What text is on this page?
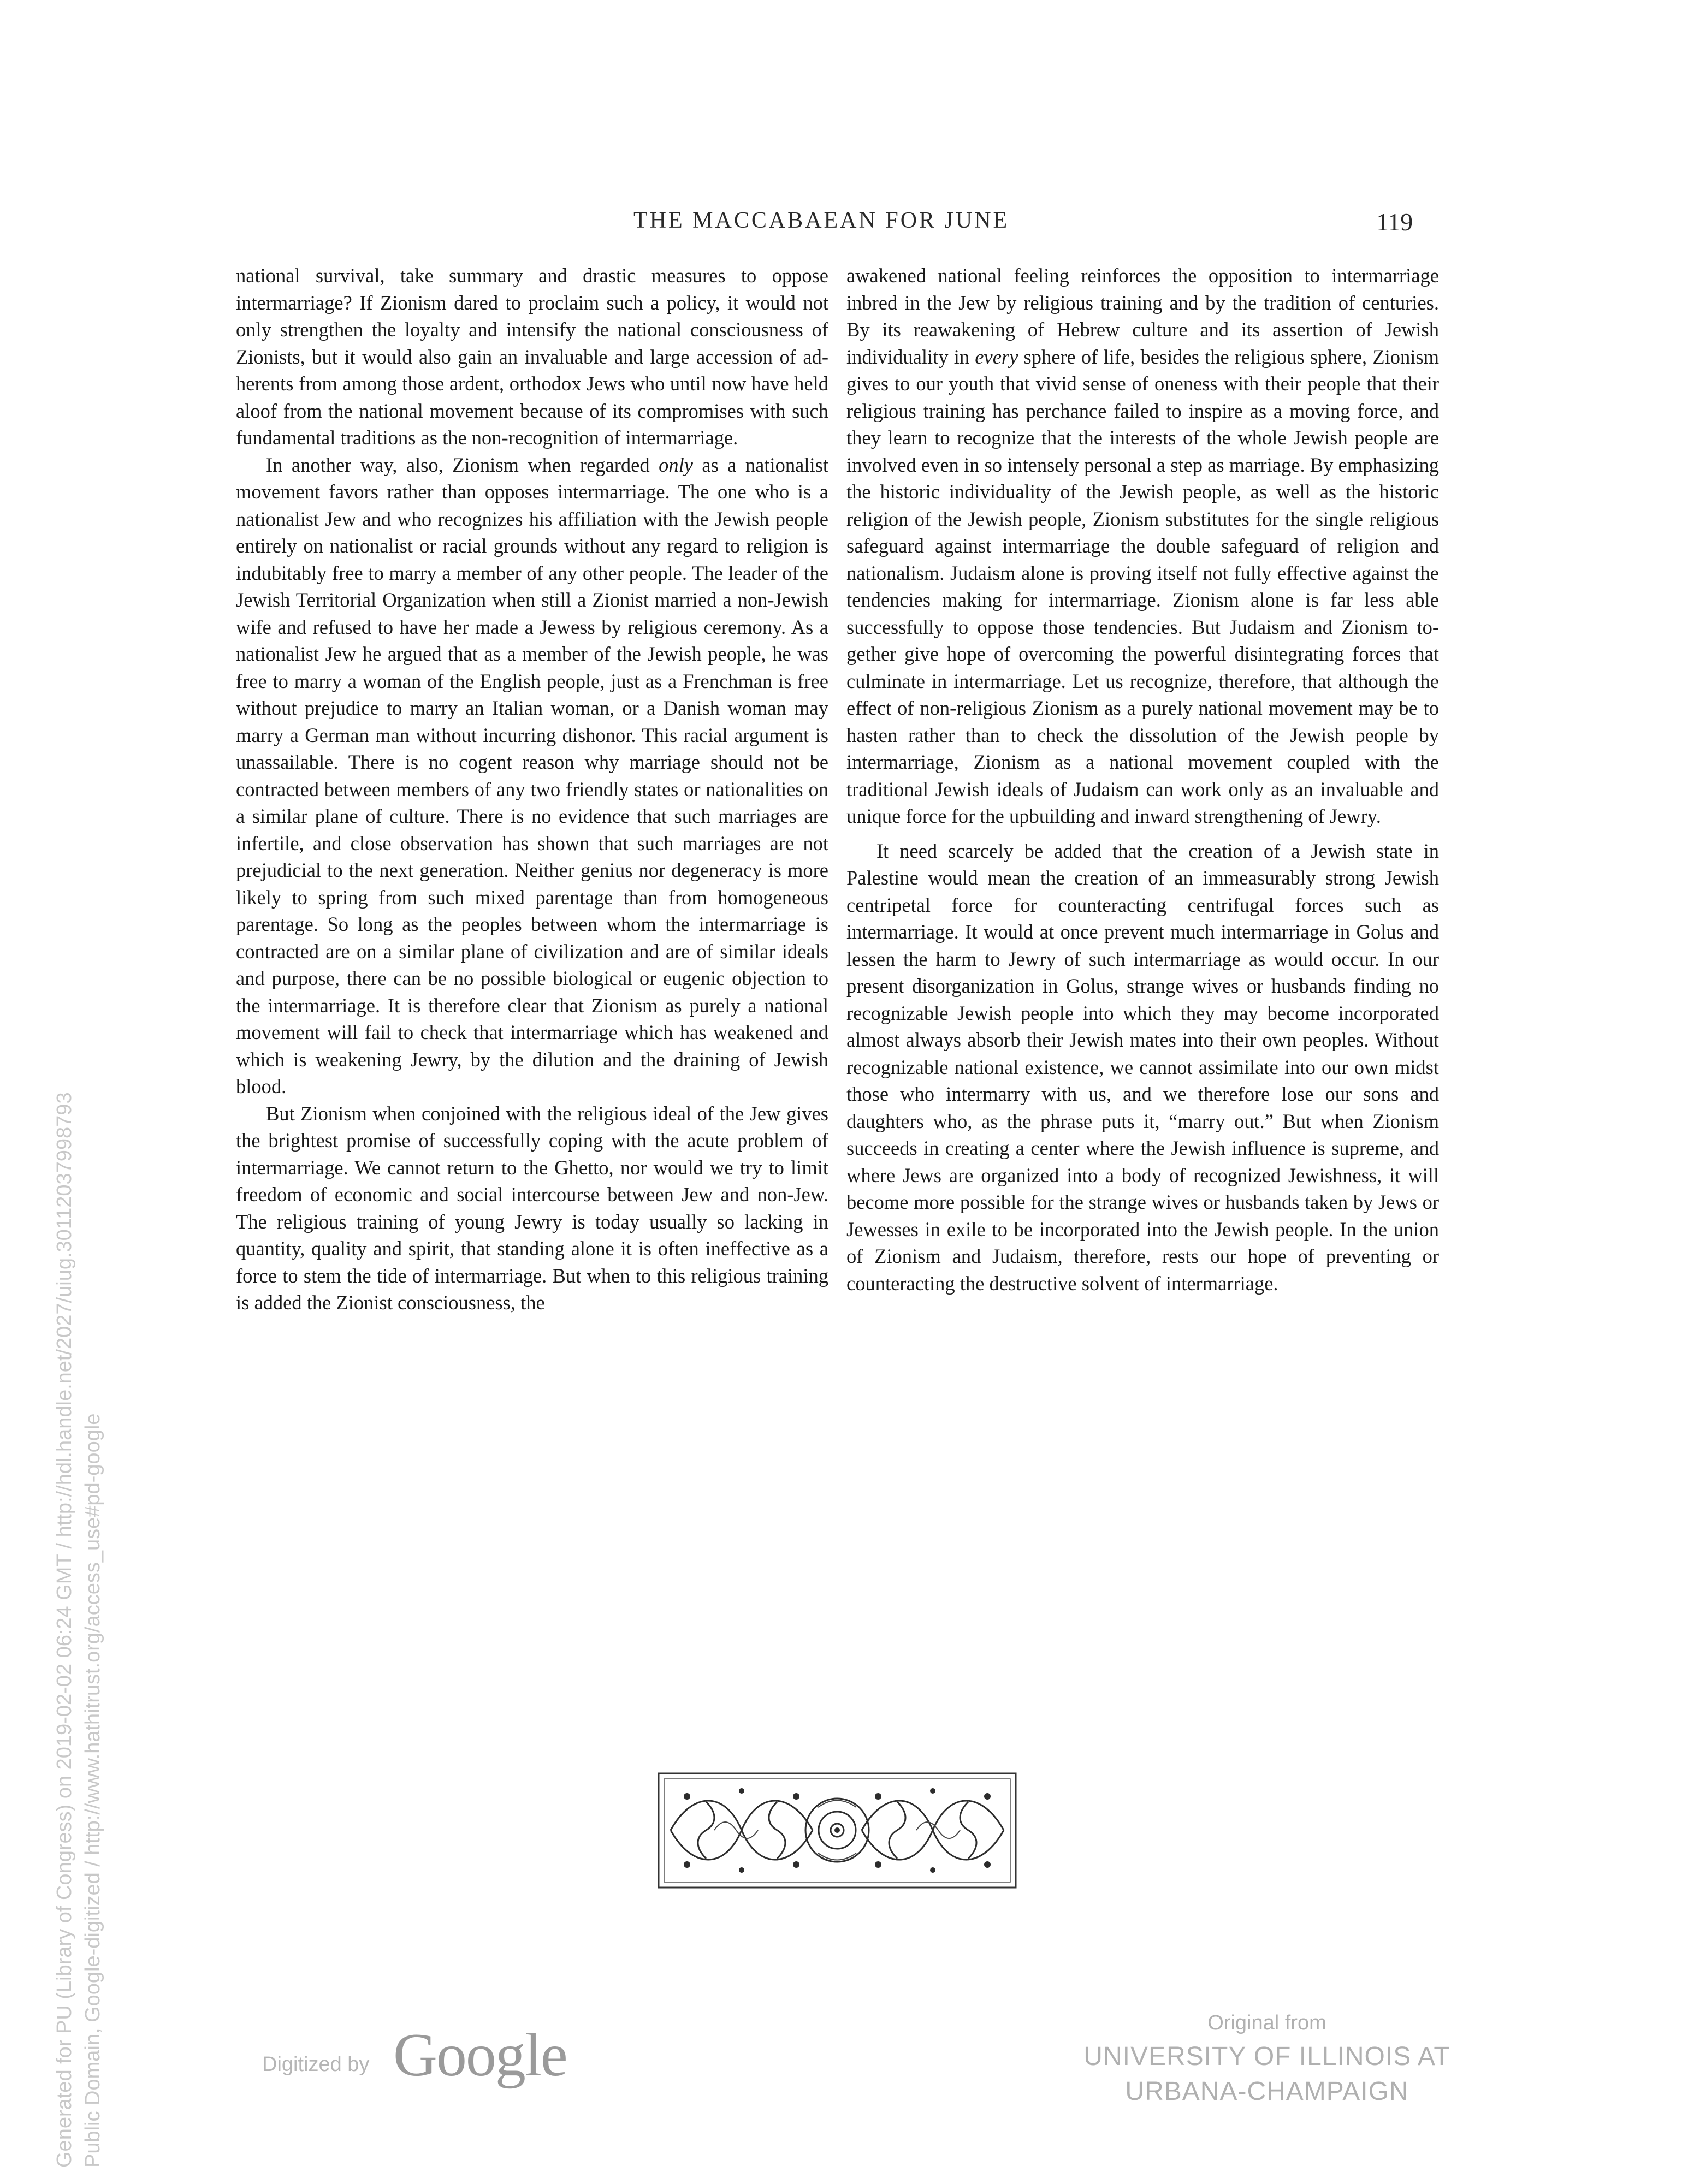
THE MACCABAEAN FOR JUNE	119

national survival, take summary and drastic measures to oppose intermarriage? If Zionism dared to proclaim such a policy, it would not only strengthen the loyalty and intensify the national consciousness of Zionists, but it would also gain an invaluable and large accession of adherents from among those ardent, orthodox Jews who until now have held aloof from the national movement because of its compromises with such fundamental traditions as the non-recognition of intermarriage.

In another way, also, Zionism when regarded only as a nationalist movement favors rather than opposes intermarriage. The one who is a nationalist Jew and who recognizes his affiliation with the Jewish people entirely on nationalist or racial grounds without any regard to religion is indubitably free to marry a member of any other people. The leader of the Jewish Territorial Organization when still a Zionist married a non-Jewish wife and refused to have her made a Jewess by religious ceremony. As a nationalist Jew he argued that as a member of the Jewish people, he was free to marry a woman of the English people, just as a Frenchman is free without prejudice to marry an Italian woman, or a Danish woman may marry a German man without incurring dishonor. This racial argument is unassailable. There is no cogent reason why marriage should not be contracted between members of any two friendly states or nationalities on a similar plane of culture. There is no evidence that such marriages are infertile, and close observation has shown that such marriages are not prejudicial to the next generation. Neither genius nor degeneracy is more likely to spring from such mixed parentage than from homogeneous parentage. So long as the peoples between whom the intermarriage is contracted are on a similar plane of civilization and are of similar ideals and purpose, there can be no possible biological or eugenic objection to the intermarriage. It is therefore clear that Zionism as purely a national movement will fail to check that intermarriage which has weakened and which is weakening Jewry, by the dilution and the draining of Jewish blood.

But Zionism when conjoined with the religious ideal of the Jew gives the brightest promise of successfully coping with the acute problem of intermarriage. We cannot return to the Ghetto, nor would we try to limit freedom of economic and social intercourse between Jew and non-Jew. The religious training of young Jewry is today usually so lacking in quantity, quality and spirit, that standing alone it is often ineffective as a force to stem the tide of intermarriage. But when to this religious training is added the Zionist consciousness, the

awakened national feeling reinforces the opposition to intermarriage inbred in the Jew by religious training and by the tradition of centuries. By its reawakening of Hebrew culture and its assertion of Jewish individuality in every sphere of life, besides the religious sphere, Zionism gives to our youth that vivid sense of oneness with their people that their religious training has perchance failed to inspire as a moving force, and they learn to recognize that the interests of the whole Jewish people are involved even in so intensely personal a step as marriage. By emphasizing the historic individuality of the Jewish people, as well as the historic religion of the Jewish people, Zionism substitutes for the single religious safeguard against intermarriage the double safeguard of religion and nationalism. Judaism alone is proving itself not fully effective against the tendencies making for intermarriage. Zionism alone is far less able successfully to oppose those tendencies. But Judaism and Zionism together give hope of overcoming the powerful disintegrating forces that culminate in intermarriage. Let us recognize, therefore, that although the effect of non-religious Zionism as a purely national movement may be to hasten rather than to check the dissolution of the Jewish people by intermarriage, Zionism as a national movement coupled with the traditional Jewish ideals of Judaism can work only as an invaluable and unique force for the upbuilding and inward strengthening of Jewry.

It need scarcely be added that the creation of a Jewish state in Palestine would mean the creation of an immeasurably strong Jewish centripetal force for counteracting centrifugal forces such as intermarriage. It would at once prevent much intermarriage in Golus and lessen the harm to Jewry of such intermarriage as would occur. In our present disorganization in Golus, strange wives or husbands finding no recognizable Jewish people into which they may become incorporated almost always absorb their Jewish mates into their own peoples. Without recognizable national existence, we cannot assimilate into our own midst those who intermarry with us, and we therefore lose our sons and daughters who, as the phrase puts it, “marry out.” But when Zionism succeeds in creating a center where the Jewish influence is supreme, and where Jews are organized into a body of recognized Jewishness, it will become more possible for the strange wives or husbands taken by Jews or Jewesses in exile to be incorporated into the Jewish people. In the union of Zionism and Judaism, therefore, rests our hope of preventing or counteracting the destructive solvent of intermarriage.

Generated for PU (Library of Congress) on 2019-02-02 06:24 GMT / http://hdl.handle.net/2027/uiug.30112037998793 Public Domain, Google-digitized / http://www.hathitrust.org/access_use#pd-google	Digitized by Google	Original from
UNIVERSITY OF ILLINOIS AT
URBANA-CHAMPAIGN
